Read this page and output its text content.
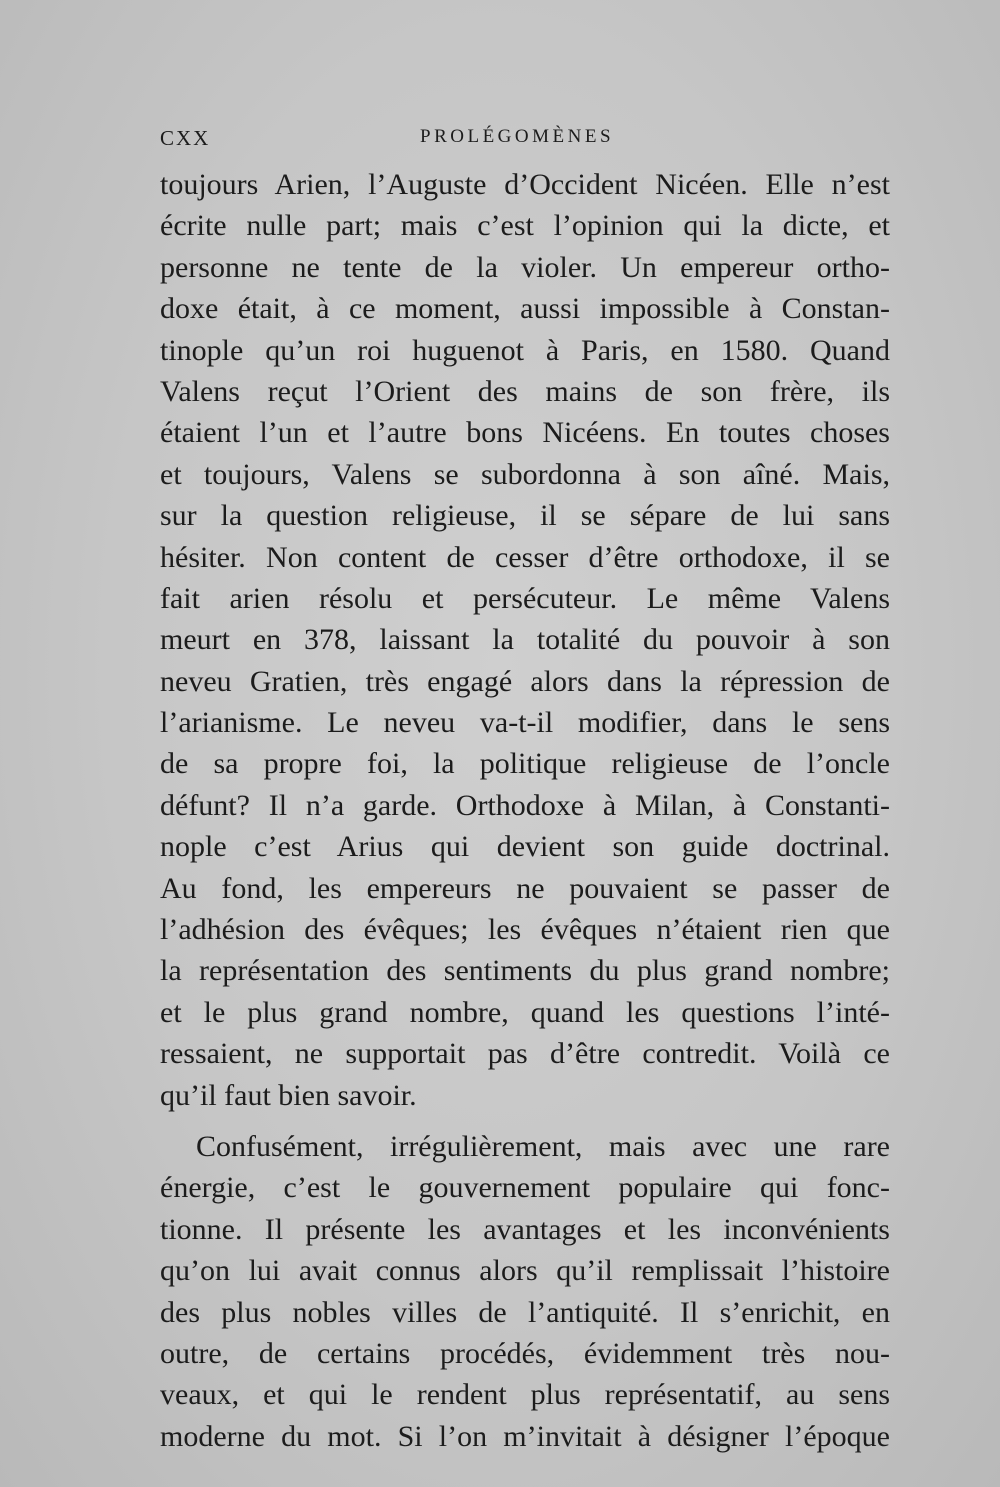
CXX	PROLÉGOMÈNES
toujours Arien, l’Auguste d’Occident Nicéen. Elle n’est
écrite nulle part; mais c’est l’opinion qui la dicte, et
personne ne tente de la violer. Un empereur ortho-
doxe était, à ce moment, aussi impossible à Constan-
tinople qu’un roi huguenot à Paris, en 1580. Quand
Valens reçut l’Orient des mains de son frère, ils
étaient l’un et l’autre bons Nicéens. En toutes choses
et toujours, Valens se subordonna à son aîné. Mais,
sur la question religieuse, il se sépare de lui sans
hésiter. Non content de cesser d’être orthodoxe, il se
fait arien résolu et persécuteur. Le même Valens
meurt en 378, laissant la totalité du pouvoir à son
neveu Gratien, très engagé alors dans la répression de
l’arianisme. Le neveu va-t-il modifier, dans le sens
de sa propre foi, la politique religieuse de l’oncle
défunt? Il n’a garde. Orthodoxe à Milan, à Constanti-
nople c’est Arius qui devient son guide doctrinal.
Au fond, les empereurs ne pouvaient se passer de
l’adhésion des évêques; les évêques n’étaient rien que
la représentation des sentiments du plus grand nombre;
et le plus grand nombre, quand les questions l’inté-
ressaient, ne supportait pas d’être contredit. Voilà ce
qu’il faut bien savoir.
Confusément, irrégulièrement, mais avec une rare
énergie, c’est le gouvernement populaire qui fonc-
tionne. Il présente les avantages et les inconvénients
qu’on lui avait connus alors qu’il remplissait l’histoire
des plus nobles villes de l’antiquité. Il s’enrichit, en
outre, de certains procédés, évidemment très nou-
veaux, et qui le rendent plus représentatif, au sens
moderne du mot. Si l’on m’invitait à désigner l’époque
